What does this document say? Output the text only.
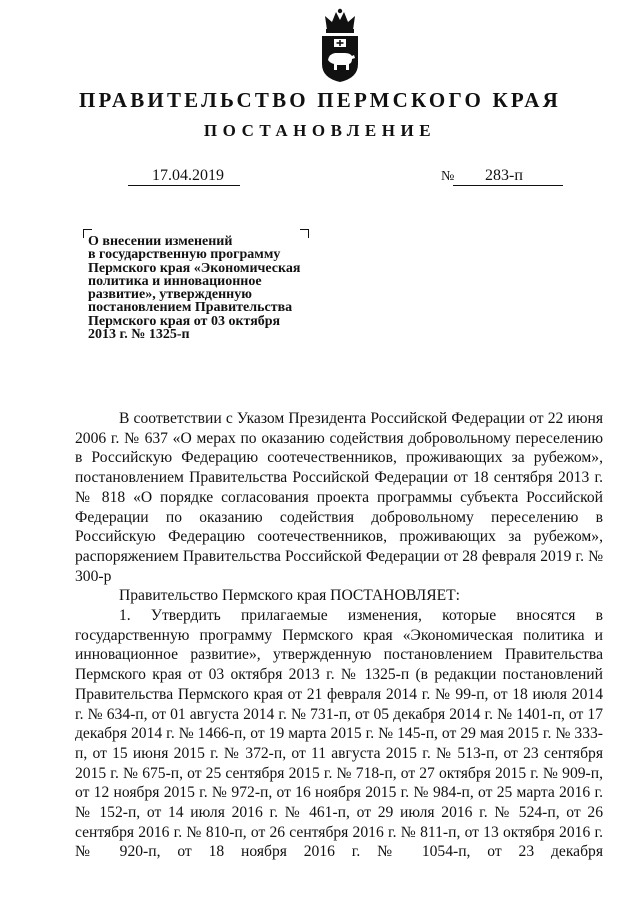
ПРАВИТЕЛЬСТВО ПЕРМСКОГО КРАЯ
ПОСТАНОВЛЕНИЕ
17.04.2019	№ 283-п
О внесении изменений
в государственную программу
Пермского края «Экономическая
политика и инновационное
развитие», утвержденную
постановлением Правительства
Пермского края от 03 октября
2013 г. № 1325-п

В соответствии с Указом Президента Российской Федерации от 22 июня 2006 г. № 637 «О мерах по оказанию содействия добровольному переселению в Российскую Федерацию соотечественников, проживающих за рубежом», постановлением Правительства Российской Федерации от 18 сентября 2013 г. № 818 «О порядке согласования проекта программы субъекта Российской Федерации по оказанию содействия добровольному переселению в Российскую Федерацию соотечественников, проживающих за рубежом», распоряжением Правительства Российской Федерации от 28 февраля 2019 г. № 300-р

Правительство Пермского края ПОСТАНОВЛЯЕТ:

1. Утвердить прилагаемые изменения, которые вносятся в государственную программу Пермского края «Экономическая политика и инновационное развитие», утвержденную постановлением Правительства Пермского края от 03 октября 2013 г. № 1325-п (в редакции постановлений Правительства Пермского края от 21 февраля 2014 г. № 99-п, от 18 июля 2014 г. № 634-п, от 01 августа 2014 г. № 731-п, от 05 декабря 2014 г. № 1401-п, от 17 декабря 2014 г. № 1466-п, от 19 марта 2015 г. № 145-п, от 29 мая 2015 г. № 333-п, от 15 июня 2015 г. № 372-п, от 11 августа 2015 г. № 513-п, от 23 сентября 2015 г. № 675-п, от 25 сентября 2015 г. № 718-п, от 27 октября 2015 г. № 909-п, от 12 ноября 2015 г. № 972-п, от 16 ноября 2015 г. № 984-п, от 25 марта 2016 г. № 152-п, от 14 июля 2016 г. № 461-п, от 29 июля 2016 г. № 524-п, от 26 сентября 2016 г. № 810-п, от 26 сентября 2016 г. № 811-п, от 13 октября 2016 г. № 920-п, от 18 ноября 2016 г. № 1054-п, от 23 декабря
